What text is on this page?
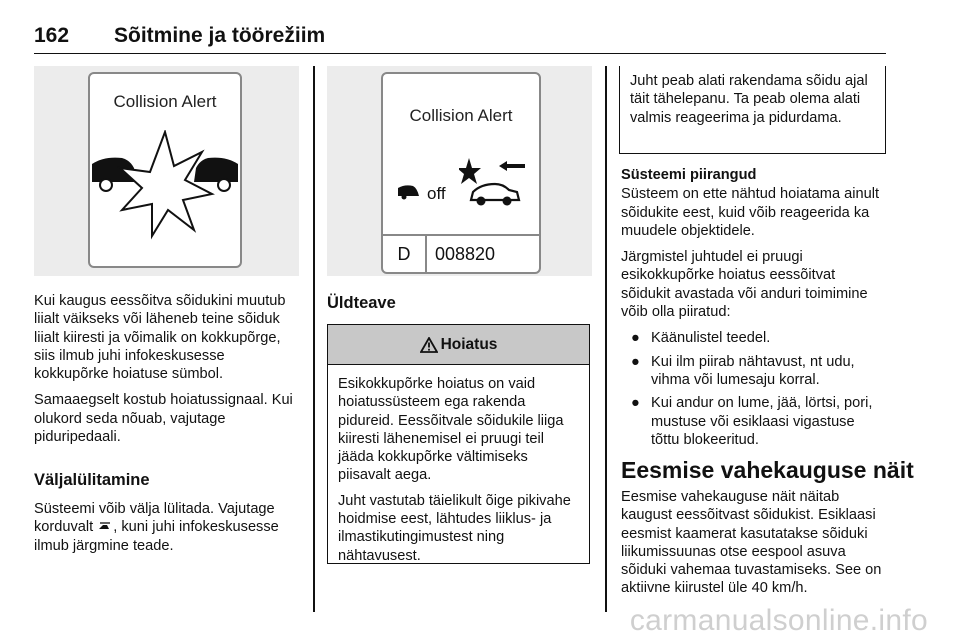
162 Sõitmine ja töörežiim
Collision Alert

Kui kaugus eessõitva sõidukini muutub liialt väikseks või läheneb teine sõiduk liialt kiiresti ja võimalik on kokkupõrge, siis ilmub juhi infokeskusesse kokkupõrke hoiatuse sümbol.

Samaaegselt kostub hoiatussignaal. Kui olukord seda nõuab, vajutage piduripedaali.

Väljalülitamine

Süsteemi võib välja lülitada. Vajutage korduvalt , kuni juhi infokeskusesse ilmub järgmine teade.

Collision Alert
off
D	008820
Üldteave
Hoiatus

Esikokkupõrke hoiatus on vaid hoiatussüsteem ega rakenda pidureid. Eessõitvale sõidukile liiga kiiresti lähenemisel ei pruugi teil jääda kokkupõrke vältimiseks piisavalt aega.

Juht vastutab täielikult õige pikivahe hoidmise eest, lähtudes liiklus- ja ilmastikutingimustest ning nähtavusest.

Juht peab alati rakendama sõidu ajal täit tähelepanu. Ta peab olema alati valmis reageerima ja pidurdama.

Süsteemi piirangud

Süsteem on ette nähtud hoiatama ainult sõidukite eest, kuid võib reageerida ka muudele objektidele.

Järgmistel juhtudel ei pruugi esikokkupõrke hoiatus eessõitvat sõidukit avastada või anduri toimimine võib olla piiratud:

● Käänulistel teedel.
● Kui ilm piirab nähtavust, nt udu, vihma või lumesaju korral.
● Kui andur on lume, jää, lörtsi, pori, mustuse või esiklaasi vigastuse tõttu blokeeritud.
Eesmise vahekauguse näit

Eesmise vahekauguse näit näitab kaugust eessõitvast sõidukist. Esiklaasi eesmist kaamerat kasutatakse sõiduki liikumissuunas otse eespool asuva sõiduki vahemaa tuvastamiseks. See on aktiivne kiirustel üle 40 km/h.

carmanualsonline.info
